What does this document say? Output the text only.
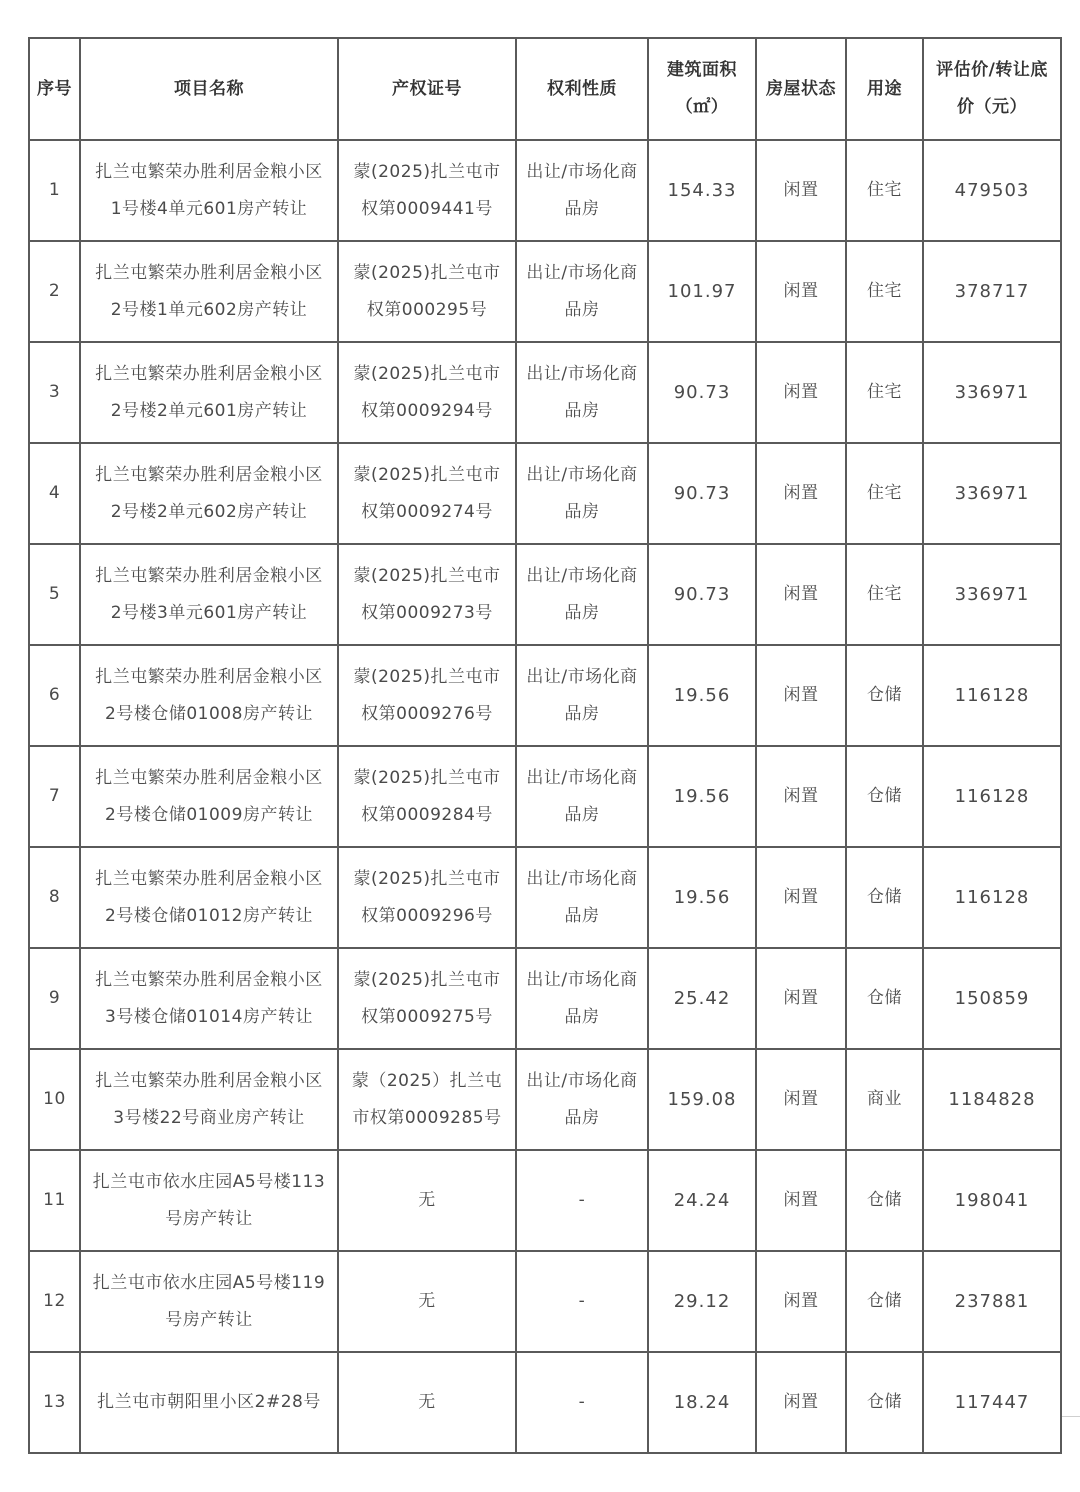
序号	项目名称	产权证号	权利性质	建筑面积（㎡）	房屋状态	用途	评估价/转让底价（元）
1	扎兰屯繁荣办胜利居金粮小区1号楼4单元601房产转让	蒙(2025)扎兰屯市权第0009441号	出让/市场化商品房	154.33	闲置	住宅	479503
2	扎兰屯繁荣办胜利居金粮小区2号楼1单元602房产转让	蒙(2025)扎兰屯市权第000295号	出让/市场化商品房	101.97	闲置	住宅	378717
3	扎兰屯繁荣办胜利居金粮小区2号楼2单元601房产转让	蒙(2025)扎兰屯市权第0009294号	出让/市场化商品房	90.73	闲置	住宅	336971
4	扎兰屯繁荣办胜利居金粮小区2号楼2单元602房产转让	蒙(2025)扎兰屯市权第0009274号	出让/市场化商品房	90.73	闲置	住宅	336971
5	扎兰屯繁荣办胜利居金粮小区2号楼3单元601房产转让	蒙(2025)扎兰屯市权第0009273号	出让/市场化商品房	90.73	闲置	住宅	336971
6	扎兰屯繁荣办胜利居金粮小区2号楼仓储01008房产转让	蒙(2025)扎兰屯市权第0009276号	出让/市场化商品房	19.56	闲置	仓储	116128
7	扎兰屯繁荣办胜利居金粮小区2号楼仓储01009房产转让	蒙(2025)扎兰屯市权第0009284号	出让/市场化商品房	19.56	闲置	仓储	116128
8	扎兰屯繁荣办胜利居金粮小区2号楼仓储01012房产转让	蒙(2025)扎兰屯市权第0009296号	出让/市场化商品房	19.56	闲置	仓储	116128
9	扎兰屯繁荣办胜利居金粮小区3号楼仓储01014房产转让	蒙(2025)扎兰屯市权第0009275号	出让/市场化商品房	25.42	闲置	仓储	150859
10	扎兰屯繁荣办胜利居金粮小区3号楼22号商业房产转让	蒙（2025）扎兰屯市权第0009285号	出让/市场化商品房	159.08	闲置	商业	1184828
11	扎兰屯市依水庄园A5号楼113号房产转让	无	-	24.24	闲置	仓储	198041
12	扎兰屯市依水庄园A5号楼119号房产转让	无	-	29.12	闲置	仓储	237881
13	扎兰屯市朝阳里小区2#28号	无	-	18.24	闲置	仓储	117447
